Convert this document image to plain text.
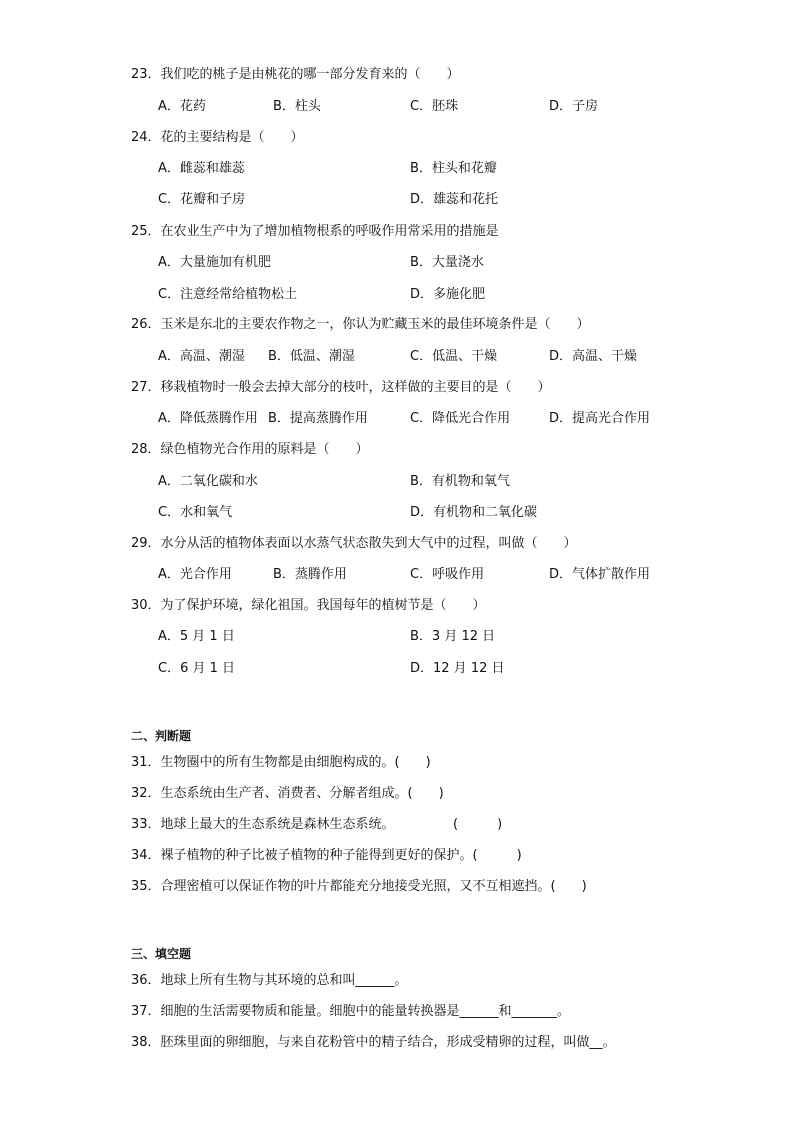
23．我们吃的桃子是由桃花的哪一部分发育来的（　　）
A．花药	B．柱头	C．胚珠	D．子房
24．花的主要结构是（　　）
A．雌蕊和雄蕊	B．柱头和花瓣
C．花瓣和子房	D．雄蕊和花托
25．在农业生产中为了增加植物根系的呼吸作用常采用的措施是
A．大量施加有机肥	B．大量浇水
C．注意经常给植物松土	D．多施化肥
26．玉米是东北的主要农作物之一，你认为贮藏玉米的最佳环境条件是（　　）
A．高温、潮湿 B．低温、潮湿	C．低温、干燥	D．高温、干燥
27．移栽植物时一般会去掉大部分的枝叶，这样做的主要目的是（　　）
A．降低蒸腾作用 B．提高蒸腾作用	C．降低光合作用	D．提高光合作用
28．绿色植物光合作用的原料是（　　）
A．二氧化碳和水	B．有机物和氧气
C．水和氧气	D．有机物和二氧化碳
29．水分从活的植物体表面以水蒸气状态散失到大气中的过程，叫做（　　）
A．光合作用	B．蒸腾作用	C．呼吸作用	D．气体扩散作用
30．为了保护环境，绿化祖国。我国每年的植树节是（　　）
A．5 月 1 日	B．3 月 12 日
C．6 月 1 日	D．12 月 12 日
二、判断题
31．生物圈中的所有生物都是由细胞构成的。(　　)
32．生态系统由生产者、消费者、分解者组成。(　　)
33．地球上最大的生态系统是森林生态系统。　　　　　(　　　)
34．裸子植物的种子比被子植物的种子能得到更好的保护。(　　　)
35．合理密植可以保证作物的叶片都能充分地接受光照，又不互相遮挡。(　　)
三、填空题
36．地球上所有生物与其环境的总和叫______。
37．细胞的生活需要物质和能量。细胞中的能量转换器是______和_______。
38．胚珠里面的卵细胞，与来自花粉管中的精子结合，形成受精卵的过程，叫做__。
